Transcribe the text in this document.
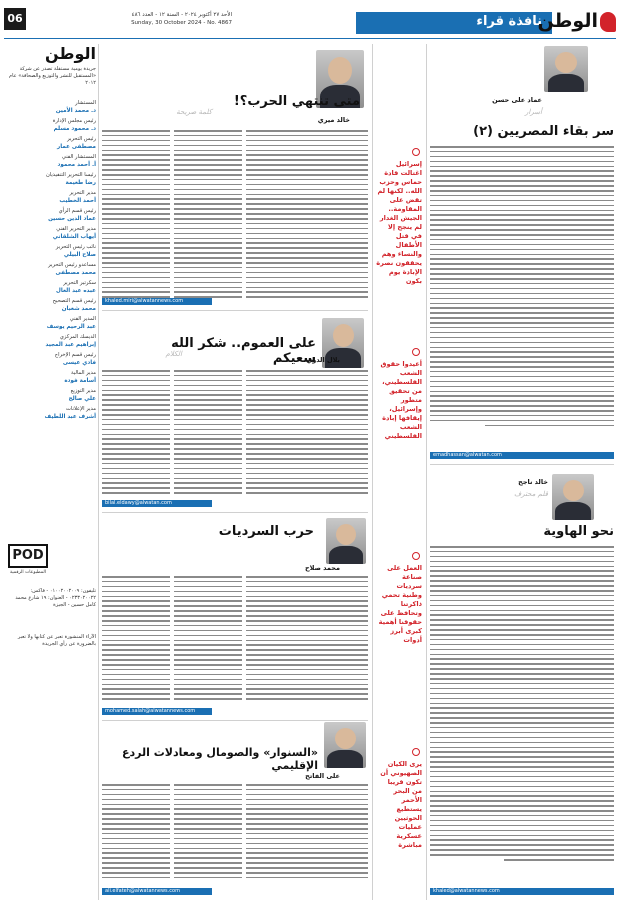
06	الأحد ٢٧ أكتوبر ٢٠٢٤ - السنة ١٢ - العدد ٤٨٦
Sunday, 30 October 2024 - No. 4867	نافذة قراء
الوطن
عماد على حسن
أسرار
سر بقاء المصريين (٢)
emadhassan@alwatan.com
خالد ناجح
قلم محترف
نحو الهاوية
khaled@alwatannews.com
إسرائيل اغتالت قادة حماس وحزب الله.. لكنها لم تقض على المقاومة.. الجيش الغدار لم ينجح إلا في قتل الأطفال والنساء وهم يحققون نصرة الإبادة يوم بكون
أعيدوا حقوق الشعب الفلسطيني، من تحقيق متطور وإسرائيل، إيقافها إبادة الشعب الفلسطيني
العمل على صناعة سرديات وطنية تحمي ذاكرتنا وتحافظ على حقوقنا أهمية كبرى أبرز أدوات
يرى الكيان الصهيوني أن تكون قريبا من البحر الأحمر يستطيع الحوثيين عمليات عسكرية مباشرة
متى تنتهي الحرب؟!
كلمة صريحة
خالد ميري
khaled.miri@alwatannews.com
على العموم.. شكر الله سعيكم
الكلام
بلال الدوي
bilal.eldawy@alwatan.com
حرب السرديات
محمد صلاح
mohamed.salah@alwatannews.com
«السنوار» والصومال ومعادلات الردع الإقليمي
على الفاتح
ali.elfateh@alwatannews.com
الوطن
جريدة يومية مستقلة تصدر عن شركة «المستقبل للنشر والتوزيع والصحافة» عام ٢٠١٢
المستشار
د. محمد الأمين
رئيس مجلس الإدارة
د. محمود مسلم
رئيس التحرير
مصطفى عمار
المستشار الفني
أ. أحمد محمود
رئيسا التحرير التنفيذيان
رضا طعيمة
مدير التحرير
أحمد الخطيب
رئيس قسم الرأي
عماد الدين حسين
مدير التحرير الفني
أيهاب الشلقاني
نائب رئيس التحرير
صلاح البيلي
مساعدو رئيس التحرير
محمد مصطفى
سكرتير التحرير
عبده عبد العال
رئيس قسم التصحيح
محمد شعبان
المدير الفني
عبد الرحيم يوسف
الديسك المركزي
إبراهيم عبد المجيد
رئيس قسم الإخراج
فادي عيسى
مدير المالية
أسامة فودة
مدير التوزيع
علي صالح
مدير الإعلانات
أشرف عبد اللطيف
POD
المطبوعات الرقمية
تليفون: ٠١٠٠٢٠٠٢٠٠٩ - فاكس: ٠٢٣٣٠٢٠٠٢٢ - العنوان: ١٩ شارع محمد كامل حسين - الجيزة
الآراء المنشورة تعبر عن كتابها ولا تعبر بالضرورة عن رأي الجريدة
